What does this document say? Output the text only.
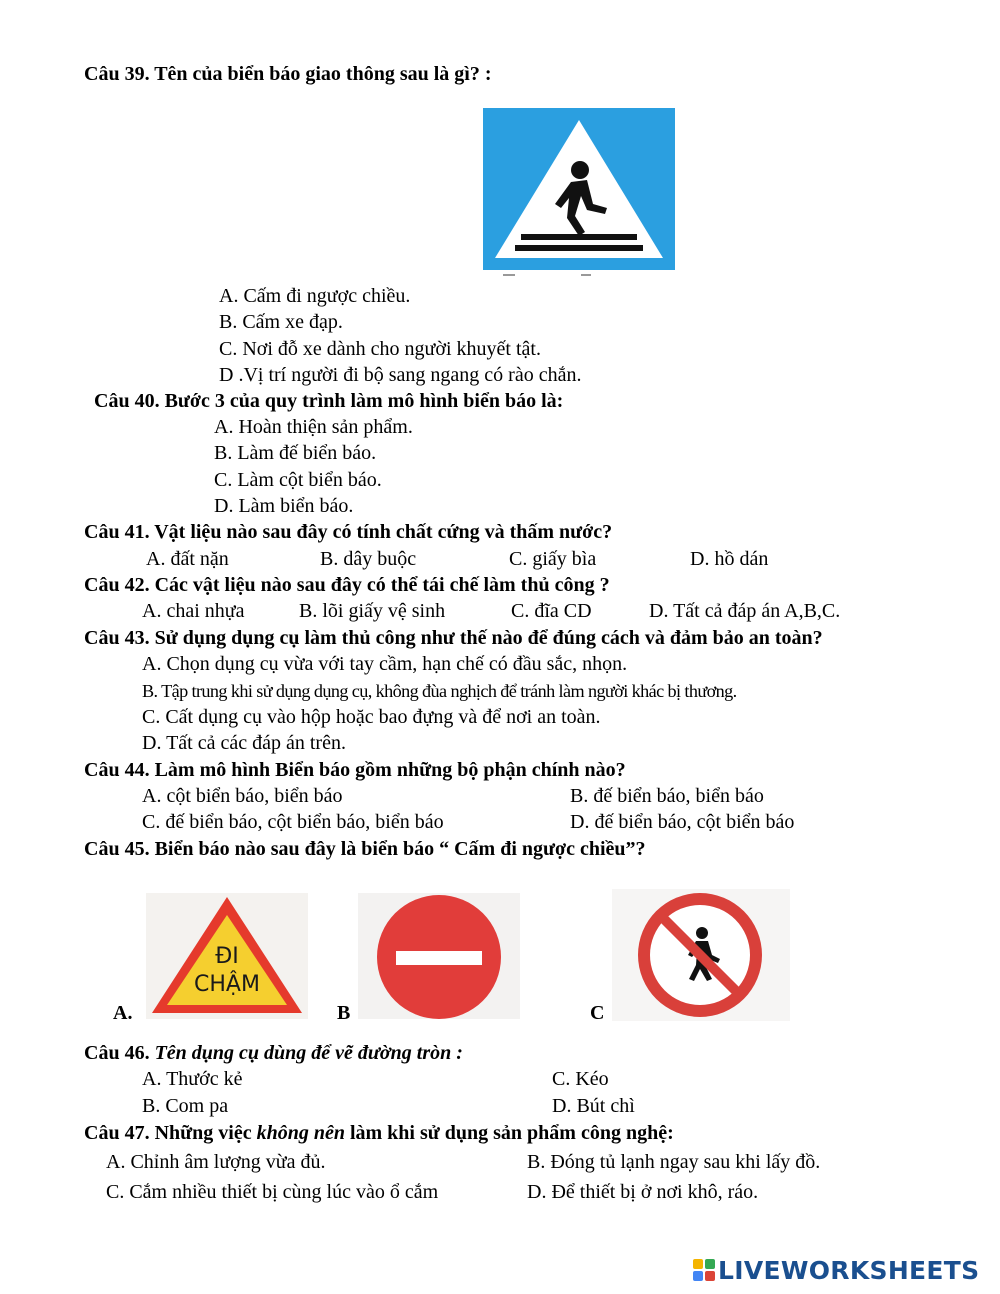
Câu 39. Tên của biển báo giao thông sau là gì? :
A. Cấm đi ngược chiều.
B. Cấm xe đạp.
C. Nơi đỗ xe dành cho người khuyết tật.
D .Vị trí người đi bộ sang ngang có rào chắn.
Câu 40. Bước 3 của quy trình làm mô hình biển báo là:
A. Hoàn thiện sản phẩm.
B. Làm đế biển báo.
C. Làm cột biển báo.
D. Làm biển báo.
Câu 41. Vật liệu nào sau đây có tính chất cứng và thấm nước?
A. đất nặn	B. dây buộc	C. giấy bìa	D. hồ dán
Câu 42. Các vật liệu nào sau đây có thể tái chế làm thủ công ?
A. chai nhựa	B. lõi giấy vệ sinh	C. đĩa CD	D. Tất cả đáp án A,B,C.
Câu 43. Sử dụng dụng cụ làm thủ công như thế nào để đúng cách và đảm bảo an toàn?
A. Chọn dụng cụ vừa với tay cầm, hạn chế có đầu sắc, nhọn.
B. Tập trung khi sử dụng dụng cụ, không đùa nghịch để tránh làm người khác bị thương.
C. Cất dụng cụ vào hộp hoặc bao đựng và để nơi an toàn.
D. Tất cả các đáp án trên.
Câu 44. Làm mô hình Biển báo gồm những bộ phận chính nào?
A. cột biển báo, biển báo	B. đế biển báo, biển báo
C. đế biển báo, cột biển báo, biển báo	D. đế biển báo, cột biển báo
Câu 45. Biển báo nào sau đây là biển báo “ Cấm đi ngược chiều”?
A.
ĐI
CHẬM
B	C
Câu 46. Tên dụng cụ dùng để vẽ đường tròn :
A. Thước kẻ	C. Kéo
B. Com pa	D. Bút chì
Câu 47. Những việc không nên làm khi sử dụng sản phẩm công nghệ:
A. Chỉnh âm lượng vừa đủ.	B. Đóng tủ lạnh ngay sau khi lấy đồ.
C. Cắm nhiều thiết bị cùng lúc vào ổ cắm	D. Để thiết bị ở nơi khô, ráo.
LIVEWORKSHEETS
